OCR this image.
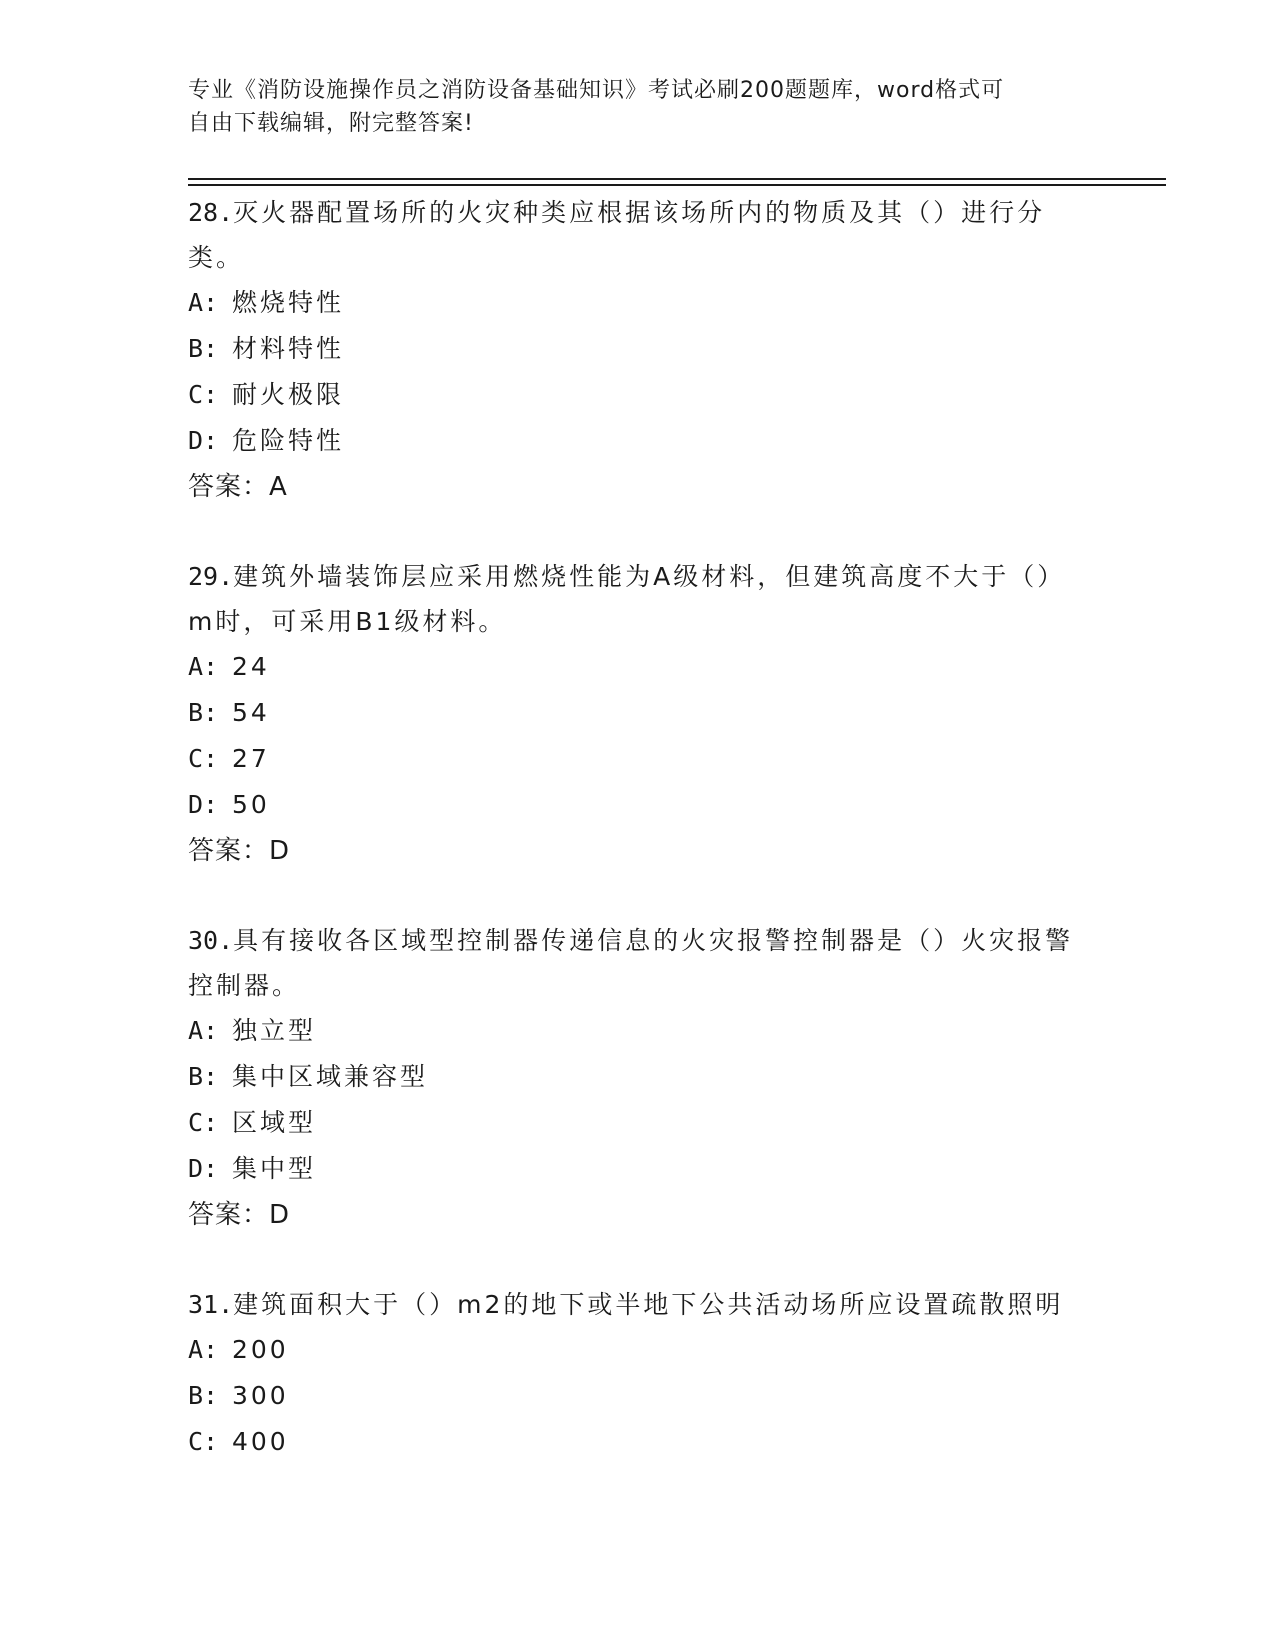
专业《消防设施操作员之消防设备基础知识》考试必刷200题题库，word格式可
自由下载编辑，附完整答案!

28.灭火器配置场所的火灾种类应根据该场所内的物质及其（）进行分类。

A: 燃烧特性
B: 材料特性
C: 耐火极限
D: 危险特性
答案：A

29.建筑外墙装饰层应采用燃烧性能为A级材料，但建筑高度不大于（）m时，可采用B1级材料。

A: 24
B: 54
C: 27
D: 50
答案：D

30.具有接收各区域型控制器传递信息的火灾报警控制器是（）火灾报警控制器。

A: 独立型
B: 集中区域兼容型
C: 区域型
D: 集中型
答案：D

31.建筑面积大于（）m2的地下或半地下公共活动场所应设置疏散照明

A: 200
B: 300
C: 400
